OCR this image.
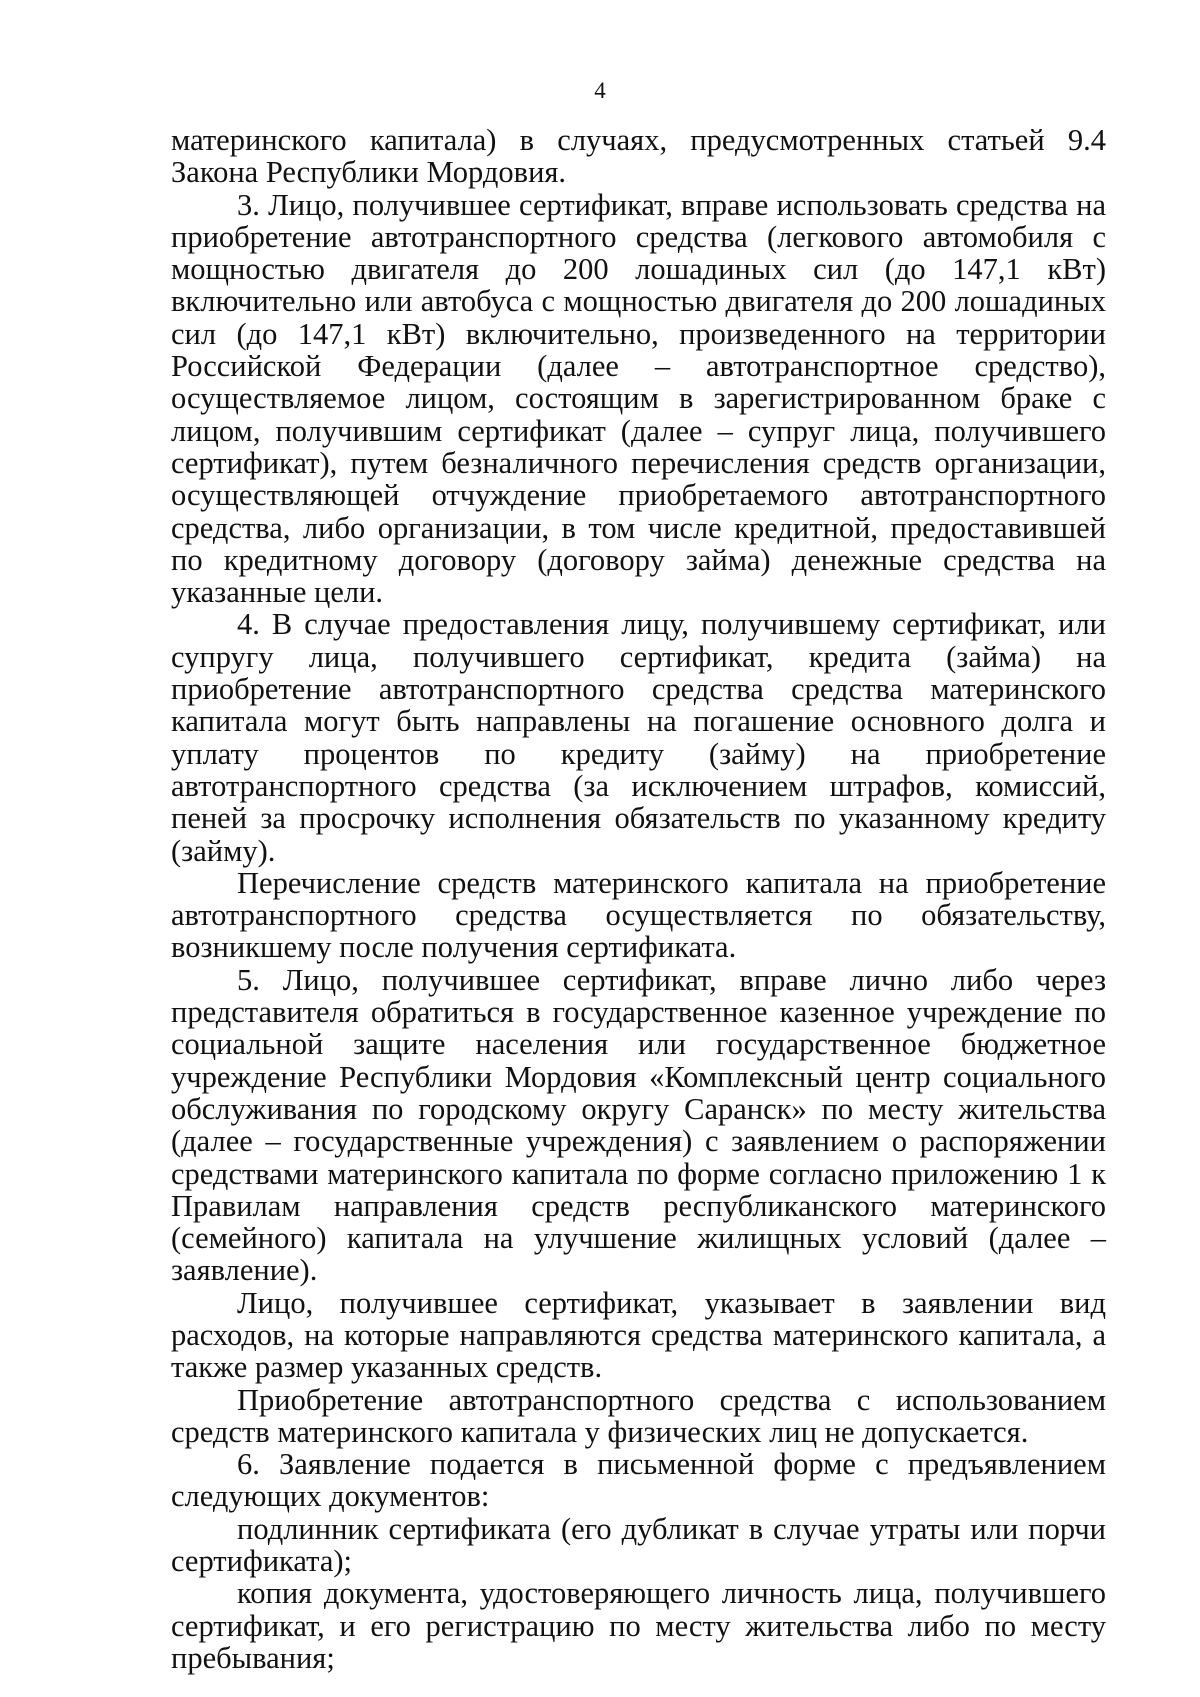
4

материнского капитала) в случаях, предусмотренных статьей 9.4 Закона Республики Мордовия.

3. Лицо, получившее сертификат, вправе использовать средства на приобретение автотранспортного средства (легкового автомобиля с мощностью двигателя до 200 лошадиных сил (до 147,1 кВт) включительно или автобуса с мощностью двигателя до 200 лошадиных сил (до 147,1 кВт) включительно, произведенного на территории Российской Федерации (далее – автотранспортное средство), осуществляемое лицом, состоящим в зарегистрированном браке с лицом, получившим сертификат (далее – супруг лица, получившего сертификат), путем безналичного перечисления средств организации, осуществляющей отчуждение приобретаемого автотранспортного средства, либо организации, в том числе кредитной, предоставившей по кредитному договору (договору займа) денежные средства на указанные цели.

4. В случае предоставления лицу, получившему сертификат, или супругу лица, получившего сертификат, кредита (займа) на приобретение автотранспортного средства средства материнского капитала могут быть направлены на погашение основного долга и уплату процентов по кредиту (займу) на приобретение автотранспортного средства (за исключением штрафов, комиссий, пеней за просрочку исполнения обязательств по указанному кредиту (займу).

Перечисление средств материнского капитала на приобретение автотранспортного средства осуществляется по обязательству, возникшему после получения сертификата.

5. Лицо, получившее сертификат, вправе лично либо через представителя обратиться в государственное казенное учреждение по социальной защите населения или государственное бюджетное учреждение Республики Мордовия «Комплексный центр социального обслуживания по городскому округу Саранск» по месту жительства (далее – государственные учреждения) с заявлением о распоряжении средствами материнского капитала по форме согласно приложению 1 к Правилам направления средств республиканского материнского (семейного) капитала на улучшение жилищных условий (далее – заявление).

Лицо, получившее сертификат, указывает в заявлении вид расходов, на которые направляются средства материнского капитала, а также размер указанных средств.

Приобретение автотранспортного средства с использованием средств материнского капитала у физических лиц не допускается.

6. Заявление подается в письменной форме с предъявлением следующих документов:

подлинник сертификата (его дубликат в случае утраты или порчи сертификата);

копия документа, удостоверяющего личность лица, получившего сертификат, и его регистрацию по месту жительства либо по месту пребывания;
